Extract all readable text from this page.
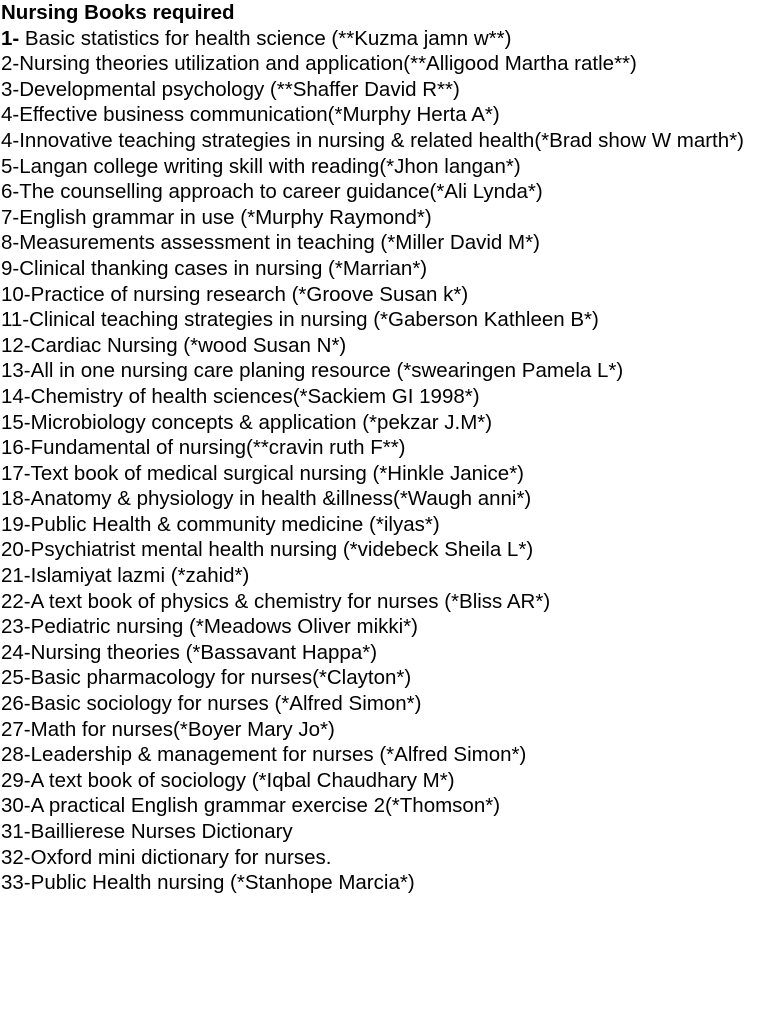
Nursing Books required
1- Basic statistics for health science (**Kuzma jamn w**)
2-Nursing theories utilization and application(**Alligood Martha ratle**)
3-Developmental psychology (**Shaffer David R**)
4-Effective business communication(*Murphy Herta A*)
4-Innovative teaching strategies in nursing & related health(*Brad show W marth*)
5-Langan college writing skill with reading(*Jhon langan*)
6-The counselling approach to career guidance(*Ali Lynda*)
7-English grammar in use (*Murphy Raymond*)
8-Measurements assessment in teaching (*Miller David M*)
9-Clinical thanking cases in nursing (*Marrian*)
10-Practice of nursing research (*Groove Susan k*)
11-Clinical teaching strategies in nursing (*Gaberson Kathleen B*)
12-Cardiac Nursing (*wood Susan N*)
13-All in one nursing care planing resource (*swearingen Pamela L*)
14-Chemistry of health sciences(*Sackiem GI 1998*)
15-Microbiology concepts & application (*pekzar J.M*)
16-Fundamental of nursing(**cravin ruth F**)
17-Text book of medical surgical nursing (*Hinkle Janice*)
18-Anatomy & physiology in health &illness(*Waugh anni*)
19-Public Health & community medicine (*ilyas*)
20-Psychiatrist mental health nursing (*videbeck Sheila L*)
21-Islamiyat lazmi (*zahid*)
22-A text book of physics & chemistry for nurses (*Bliss AR*)
23-Pediatric nursing (*Meadows Oliver mikki*)
24-Nursing theories (*Bassavant Happa*)
25-Basic pharmacology for nurses(*Clayton*)
26-Basic sociology for nurses (*Alfred Simon*)
27-Math for nurses(*Boyer Mary Jo*)
28-Leadership & management for nurses (*Alfred Simon*)
29-A text book of sociology (*Iqbal Chaudhary M*)
30-A practical English grammar exercise 2(*Thomson*)
31-Baillierese Nurses Dictionary
32-Oxford mini dictionary for nurses.
33-Public Health nursing (*Stanhope Marcia*)
